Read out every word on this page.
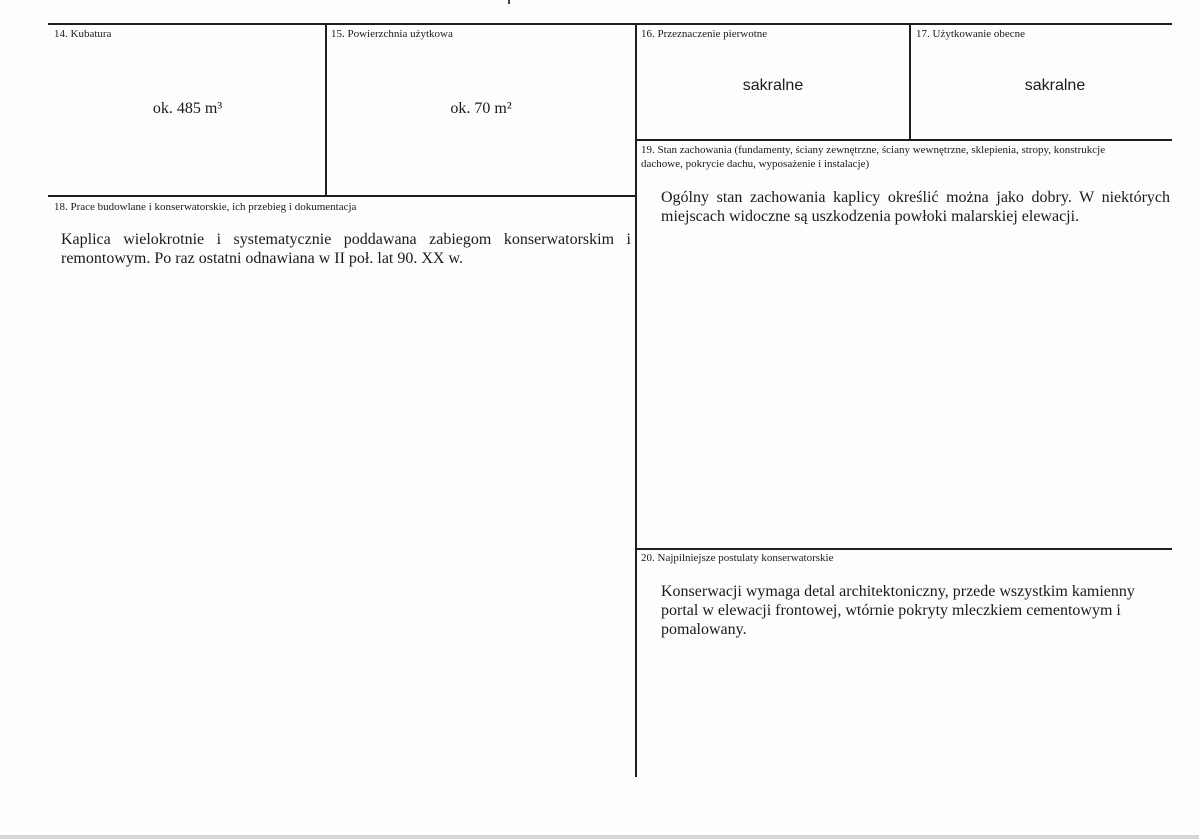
14. Kubatura
ok. 485 m³
15. Powierzchnia użytkowa
ok. 70 m²
16. Przeznaczenie pierwotne
sakralne
17. Użytkowanie obecne
sakralne
18. Prace budowlane i konserwatorskie, ich przebieg i dokumentacja
Kaplica wielokrotnie i systematycznie poddawana zabiegom konserwatorskim i remontowym. Po raz ostatni odnawiana w II poł. lat 90. XX w.
19. Stan zachowania (fundamenty, ściany zewnętrzne, ściany wewnętrzne, sklepienia, stropy, konstrukcje dachowe, pokrycie dachu, wyposażenie i instalacje)
Ogólny stan zachowania kaplicy określić można jako dobry. W niektórych miejscach widoczne są uszkodzenia powłoki malarskiej elewacji.
20. Najpilniejsze postulaty konserwatorskie
Konserwacji wymaga detal architektoniczny, przede wszystkim kamienny portal w elewacji frontowej, wtórnie pokryty mleczkiem cementowym i pomalowany.
